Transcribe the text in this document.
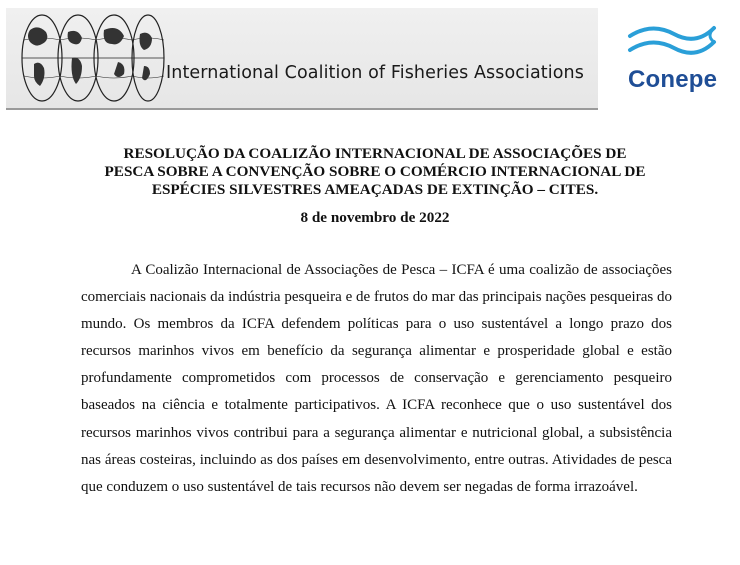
International Coalition of Fisheries Associations Conepe
RESOLUÇÃO DA COALIZÃO INTERNACIONAL DE ASSOCIAÇÕES DE
PESCA SOBRE A CONVENÇÃO SOBRE O COMÉRCIO INTERNACIONAL DE
ESPÉCIES SILVESTRES AMEAÇADAS DE EXTINÇÃO – CITES.
8 de novembro de 2022

A Coalizão Internacional de Associações de Pesca – ICFA é uma coalizão de associações comerciais nacionais da indústria pesqueira e de frutos do mar das principais nações pesqueiras do mundo. Os membros da ICFA defendem políticas para o uso sustentável a longo prazo dos recursos marinhos vivos em benefício da segurança alimentar e prosperidade global e estão profundamente comprometidos com processos de conservação e gerenciamento pesqueiro baseados na ciência e totalmente participativos. A ICFA reconhece que o uso sustentável dos recursos marinhos vivos contribui para a segurança alimentar e nutricional global, a subsistência nas áreas costeiras, incluindo as dos países em desenvolvimento, entre outras. Atividades de pesca que conduzem o uso sustentável de tais recursos não devem ser negadas de forma irrazoável.
